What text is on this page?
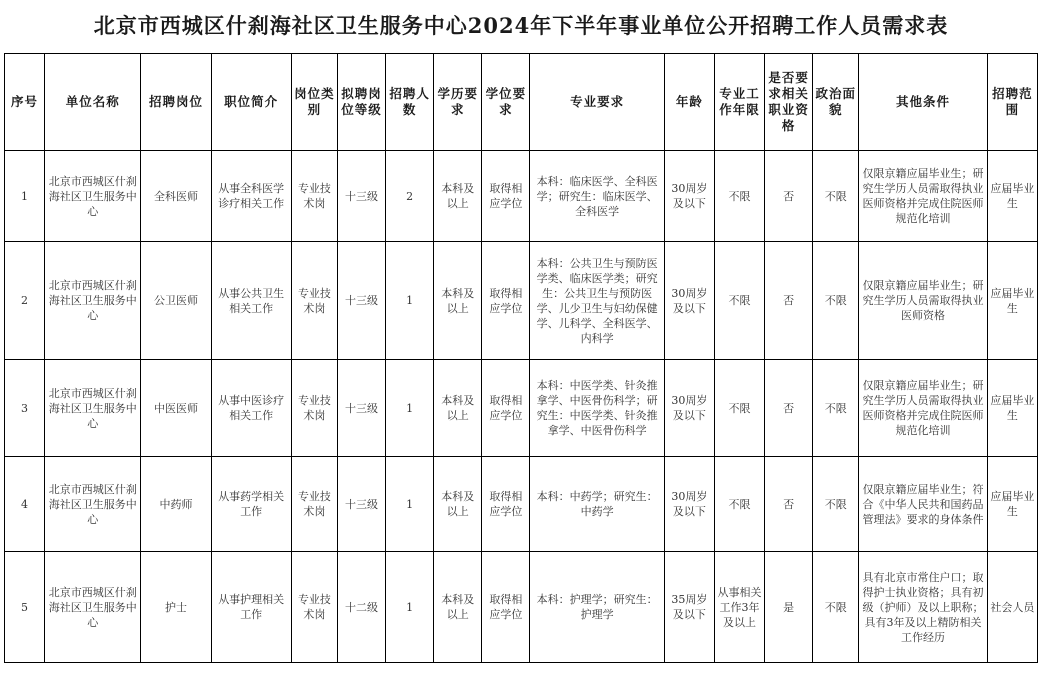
北京市西城区什刹海社区卫生服务中心2024年下半年事业单位公开招聘工作人员需求表
序号	单位名称	招聘岗位	职位简介	岗位类别	拟聘岗位等级	招聘人数	学历要求	学位要求	专业要求	年龄	专业工作年限	是否要求相关职业资格	政治面貌	其他条件	招聘范围
1	北京市西城区什刹海社区卫生服务中心	全科医师	从事全科医学诊疗相关工作	专业技术岗	十三级	2	本科及以上	取得相应学位	本科：临床医学、全科医学；研究生：临床医学、全科医学	30周岁及以下	不限	否	不限	仅限京籍应届毕业生；研究生学历人员需取得执业医师资格并完成住院医师规范化培训	应届毕业生
2	北京市西城区什刹海社区卫生服务中心	公卫医师	从事公共卫生相关工作	专业技术岗	十三级	1	本科及以上	取得相应学位	本科：公共卫生与预防医学类、临床医学类；研究生：公共卫生与预防医学、儿少卫生与妇幼保健学、儿科学、全科医学、内科学	30周岁及以下	不限	否	不限	仅限京籍应届毕业生；研究生学历人员需取得执业医师资格	应届毕业生
3	北京市西城区什刹海社区卫生服务中心	中医医师	从事中医诊疗相关工作	专业技术岗	十三级	1	本科及以上	取得相应学位	本科：中医学类、针灸推拿学、中医骨伤科学；研究生：中医学类、针灸推拿学、中医骨伤科学	30周岁及以下	不限	否	不限	仅限京籍应届毕业生；研究生学历人员需取得执业医师资格并完成住院医师规范化培训	应届毕业生
4	北京市西城区什刹海社区卫生服务中心	中药师	从事药学相关工作	专业技术岗	十三级	1	本科及以上	取得相应学位	本科：中药学；研究生：中药学	30周岁及以下	不限	否	不限	仅限京籍应届毕业生；符合《中华人民共和国药品管理法》要求的身体条件	应届毕业生
5	北京市西城区什刹海社区卫生服务中心	护士	从事护理相关工作	专业技术岗	十二级	1	本科及以上	取得相应学位	本科：护理学；研究生：护理学	35周岁及以下	从事相关工作3年及以上	是	不限	具有北京市常住户口；取得护士执业资格；具有初级（护师）及以上职称；具有3年及以上精防相关工作经历	社会人员
